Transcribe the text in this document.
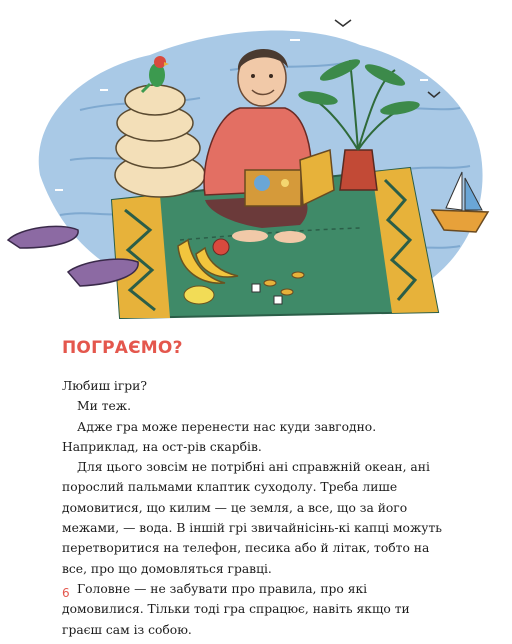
ПОГРАЄМО?

Любиш ігри?

Ми теж.

Адже гра може перенести нас куди завгодно. Наприклад, на ост-рів скарбів.

Для цього зовсім не потрібні ані справжній океан, ані порослий пальмами клаптик суходолу. Треба лише домовитися, що килим — це земля, а все, що за його межами, — вода. В іншій грі звичайнісінь-кі капці можуть перетворитися на телефон, песика або й літак, тобто на все, про що домовляться гравці.

Головне — не забувати про правила, про які домовилися. Тільки тоді гра спрацює, навіть якщо ти граєш сам із собою.

6
